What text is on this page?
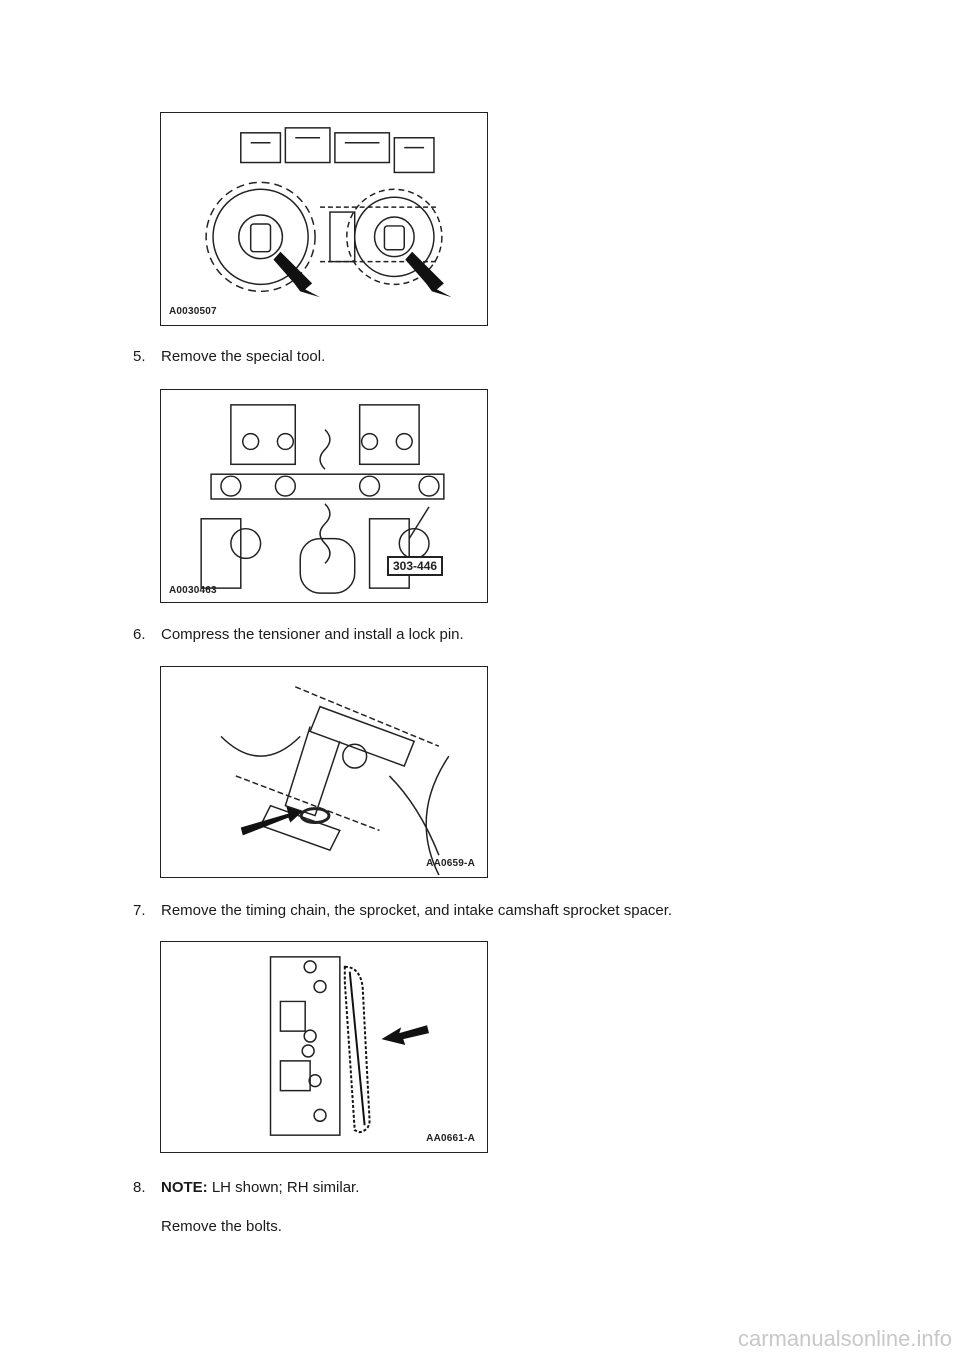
A0030507
5. Remove the special tool.
303-446
A0030463
6. Compress the tensioner and install a lock pin.
AA0659-A
7. Remove the timing chain, the sprocket, and intake camshaft sprocket spacer.
AA0661-A
8. NOTE: LH shown; RH similar.
Remove the bolts.
carmanualsonline.info
